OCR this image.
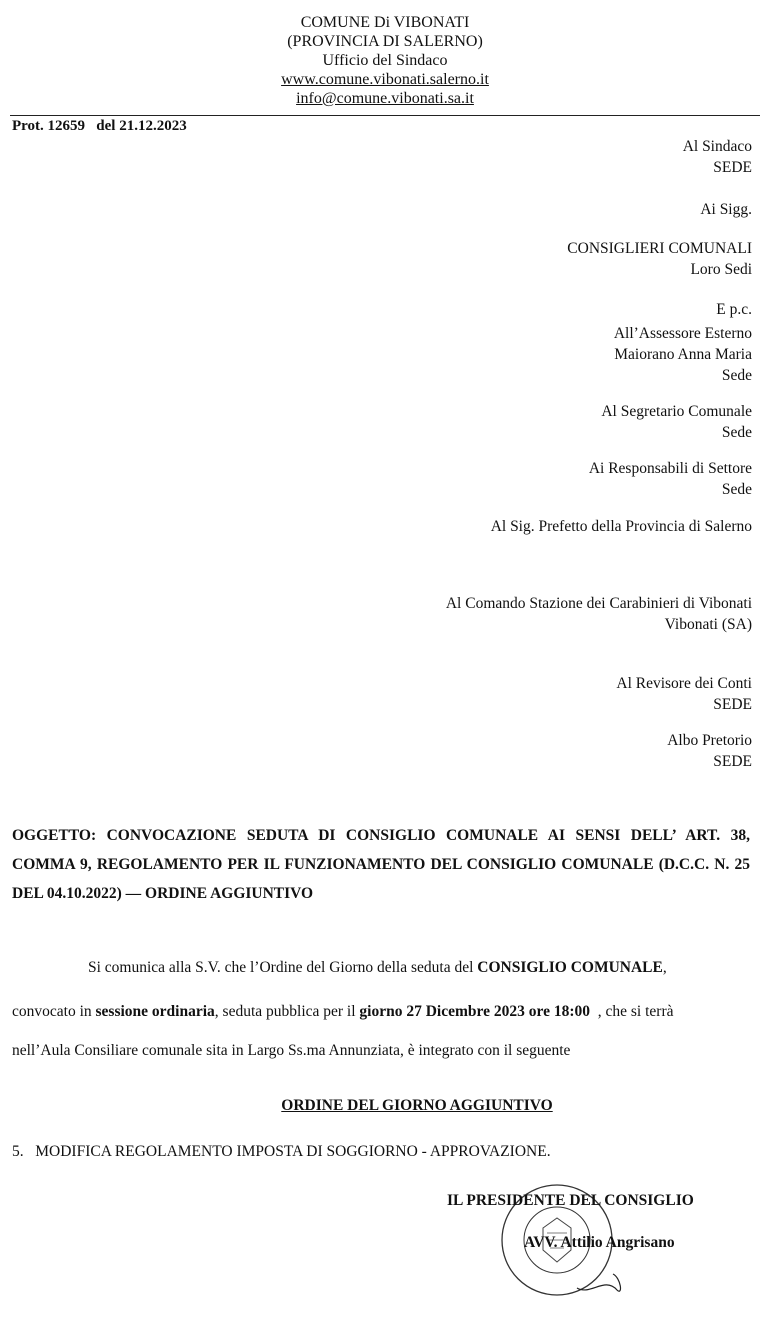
COMUNE Di VIBONATI
(PROVINCIA DI SALERNO)
Ufficio del Sindaco
www.comune.vibonati.salerno.it
info@comune.vibonati.sa.it
Prot. 12659   del 21.12.2023
Al Sindaco
SEDE
Ai Sigg.
CONSIGLIERI COMUNALI
Loro Sedi
E p.c.
All’Assessore Esterno
Maiorano Anna Maria
Sede
Al Segretario Comunale
Sede
Ai Responsabili di Settore
Sede
Al Sig. Prefetto della Provincia di Salerno
Al Comando Stazione dei Carabinieri di Vibonati
Vibonati (SA)
Al Revisore dei Conti
SEDE
Albo Pretorio
SEDE
OGGETTO: CONVOCAZIONE SEDUTA DI CONSIGLIO COMUNALE AI SENSI DELL’ ART. 38, COMMA 9, REGOLAMENTO PER IL FUNZIONAMENTO DEL CONSIGLIO COMUNALE (D.C.C. N. 25 DEL 04.10.2022) — ORDINE AGGIUNTIVO
Si comunica alla S.V. che l’Ordine del Giorno della seduta del CONSIGLIO COMUNALE,
convocato in sessione ordinaria, seduta pubblica per il giorno 27 Dicembre 2023 ore 18:00  , che si terrà
nell’Aula Consiliare comunale sita in Largo Ss.ma Annunziata, è integrato con il seguente
ORDINE DEL GIORNO AGGIUNTIVO
5.   MODIFICA REGOLAMENTO IMPOSTA DI SOGGIORNO - APPROVAZIONE.
IL PRESIDENTE DEL CONSIGLIO
AVV. Attilio Angrisano
